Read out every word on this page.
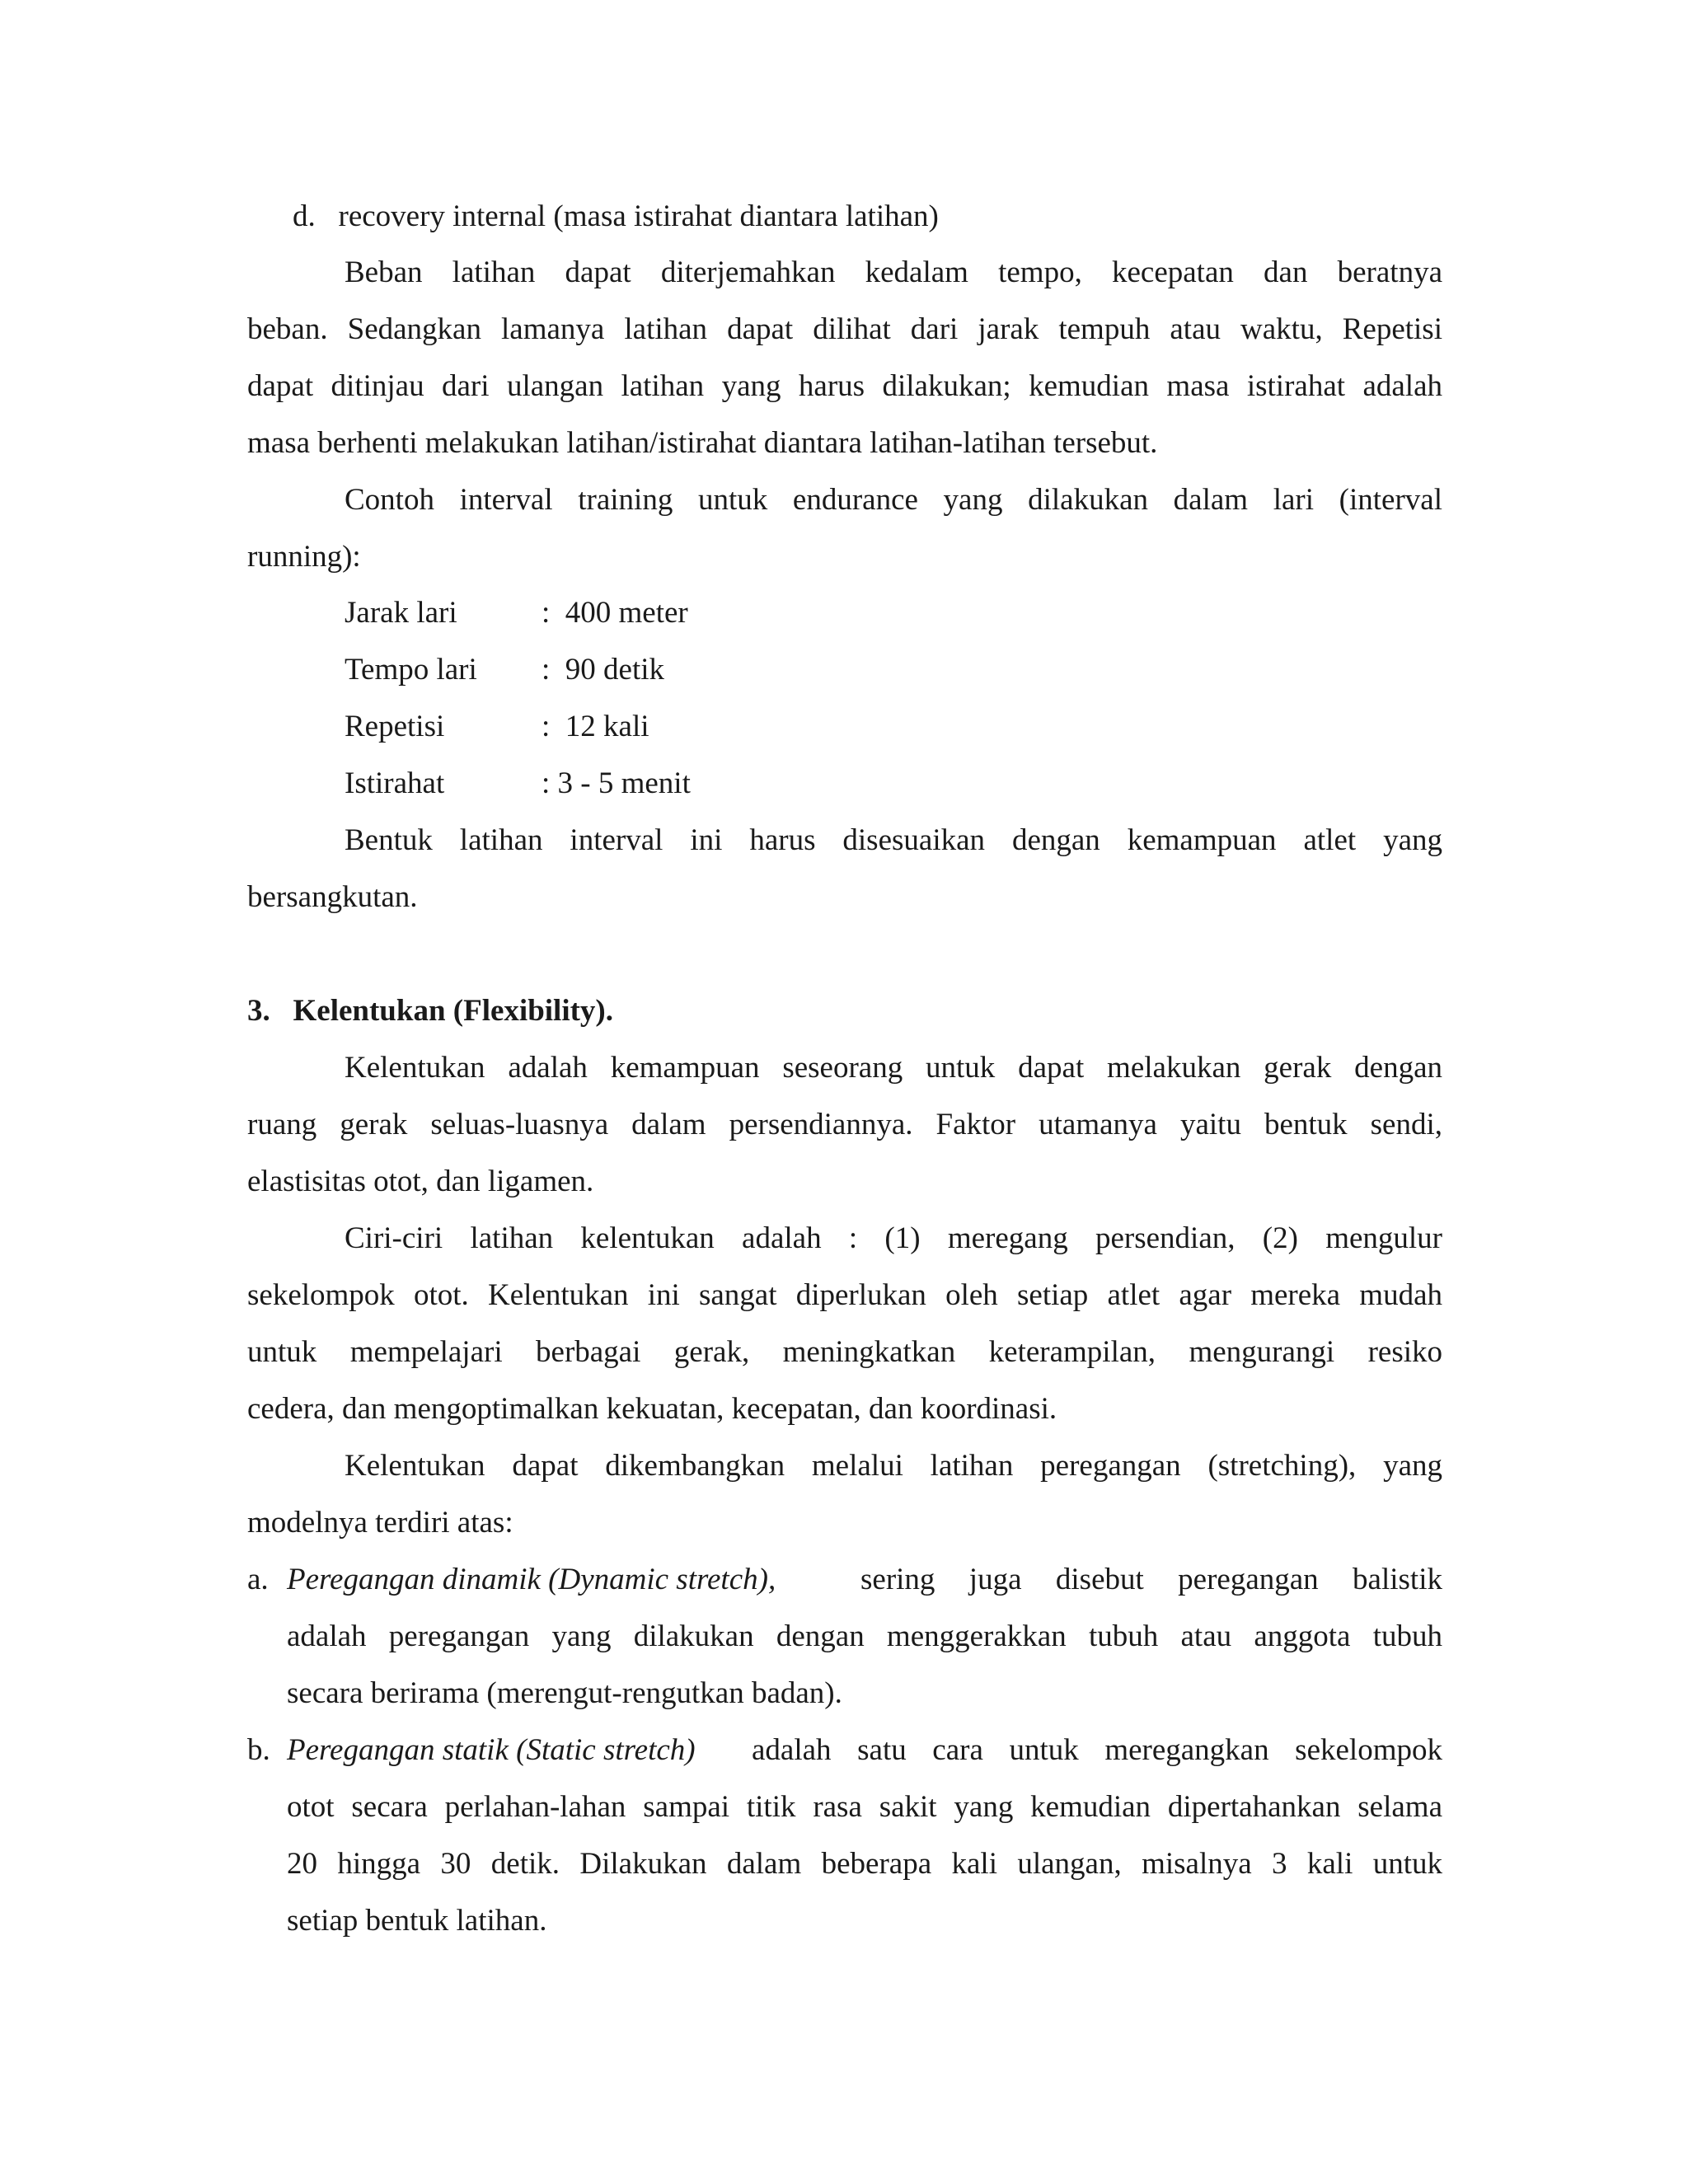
d.   recovery internal (masa istirahat diantara latihan)
Beban latihan dapat diterjemahkan kedalam tempo, kecepatan dan beratnya
beban. Sedangkan lamanya latihan dapat dilihat dari jarak tempuh atau waktu, Repetisi
dapat ditinjau dari ulangan latihan yang harus dilakukan; kemudian masa istirahat adalah
masa berhenti melakukan latihan/istirahat diantara latihan-latihan tersebut.
Contoh interval training untuk endurance yang dilakukan dalam lari (interval
running):
Jarak lari	:  400 meter
Tempo lari :  90 detik
Repetisi	:  12 kali
Istirahat	: 3 - 5 menit
Bentuk latihan interval ini harus disesuaikan dengan kemampuan atlet yang
bersangkutan.
3.   Kelentukan (Flexibility).
Kelentukan adalah kemampuan seseorang untuk dapat melakukan gerak dengan
ruang gerak seluas-luasnya dalam persendiannya. Faktor utamanya yaitu bentuk sendi,
elastisitas otot, dan ligamen.
Ciri-ciri latihan kelentukan adalah : (1) meregang persendian, (2) mengulur
sekelompok otot. Kelentukan ini sangat diperlukan oleh setiap atlet agar mereka mudah
untuk mempelajari berbagai gerak, meningkatkan keterampilan, mengurangi resiko
cedera, dan mengoptimalkan kekuatan, kecepatan, dan koordinasi.
Kelentukan dapat dikembangkan melalui latihan peregangan (stretching), yang
modelnya terdiri atas:
a. Peregangan dinamik (Dynamic stretch),	sering juga disebut peregangan balistik
adalah peregangan yang dilakukan dengan menggerakkan tubuh atau anggota tubuh
secara berirama (merengut-rengutkan badan).
b. Peregangan statik (Static stretch) adalah satu cara untuk meregangkan sekelompok
otot secara perlahan-lahan sampai titik rasa sakit yang kemudian dipertahankan selama
20 hingga 30 detik. Dilakukan dalam beberapa kali ulangan, misalnya 3 kali untuk
setiap bentuk latihan.
